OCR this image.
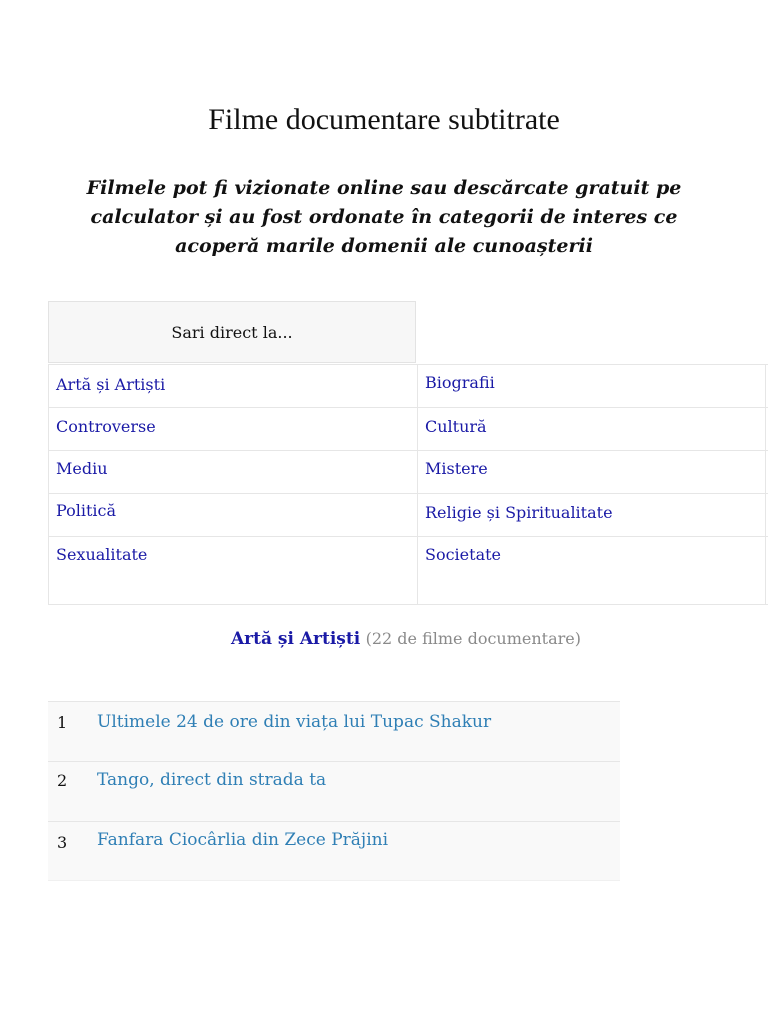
Filme documentare subtitrate

Filmele pot fi vizionate online sau descărcate gratuit pe calculator și au fost ordonate în categorii de interes ce acoperă marile domenii ale cunoașterii

Sari direct la...
Artă și Artiști	Biografii
Controverse	Cultură
Mediu	Mistere
Politică	Religie și Spiritualitate
Sexualitate	Societate
Artă și Artiști (22 de filme documentare)
1 Ultimele 24 de ore din viața lui Tupac Shakur
2 Tango, direct din strada ta
3 Fanfara Ciocârlia din Zece Prăjini
